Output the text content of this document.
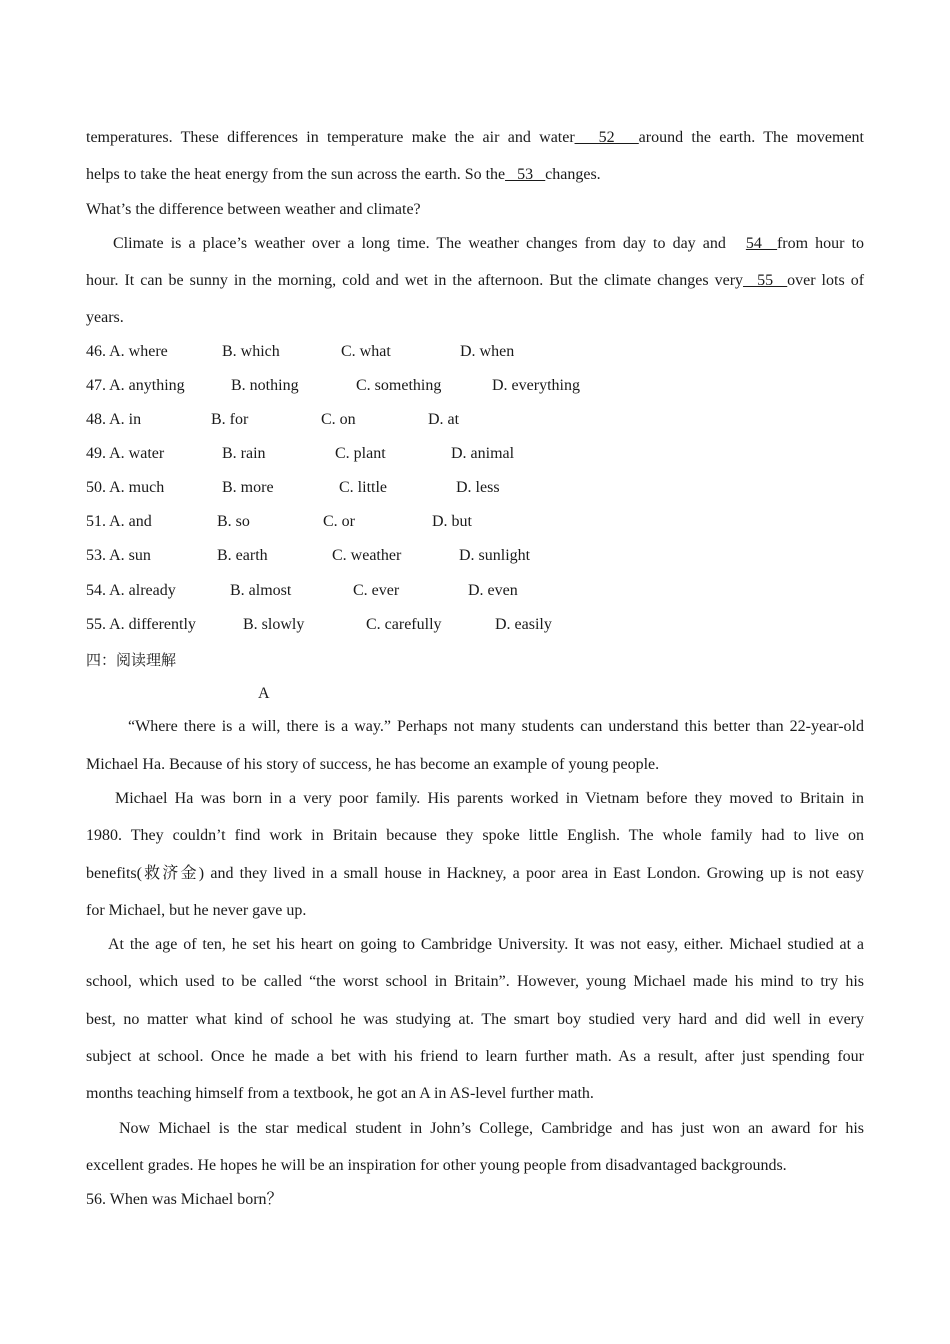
temperatures. These differences in temperature make the air and water___52___around the earth. The movement
helps to take the heat energy from the sun across the earth. So the_ 53 _changes.
What’s the difference between weather and climate?
Climate is a place’s weather over a long time. The weather changes from day to day and 54 _from hour to
hour. It can be sunny in the morning, cold and wet in the afternoon. But the climate changes very_ 55 _over lots of
years.
46. A. where	B. which	C. what	D. when
47. A. anything	B. nothing	C. something	D. everything
48. A. in	B. for	C. on	D. at
49. A. water	B. rain	C. plant	D. animal
50. A. much	B. more	C. little	D. less
51. A. and	B. so	C. or	D. but
53. A. sun	B. earth	C. weather	D. sunlight
54. A. already	B. almost	C. ever	D. even
55. A. differently	B. slowly	C. carefully	D. easily
四：阅读理解
A
“Where there is a will, there is a way.” Perhaps not many students can understand this better than 22-year-old
Michael Ha. Because of his story of success, he has become an example of young people.
Michael Ha was born in a very poor family. His parents worked in Vietnam before they moved to Britain in
1980. They couldn’t find work in Britain because they spoke little English. The whole family had to live on
benefits(救济金) and they lived in a small house in Hackney, a poor area in East London. Growing up is not easy
for Michael, but he never gave up.
At the age of ten, he set his heart on going to Cambridge University. It was not easy, either. Michael studied at a
school, which used to be called “the worst school in Britain”. However, young Michael made his mind to try his
best, no matter what kind of school he was studying at. The smart boy studied very hard and did well in every
subject at school. Once he made a bet with his friend to learn further math. As a result, after just spending four
months teaching himself from a textbook, he got an A in AS-level further math.
Now Michael is the star medical student in John’s College, Cambridge and has just won an award for his
excellent grades. He hopes he will be an inspiration for other young people from disadvantaged backgrounds.
56. When was Michael born？
